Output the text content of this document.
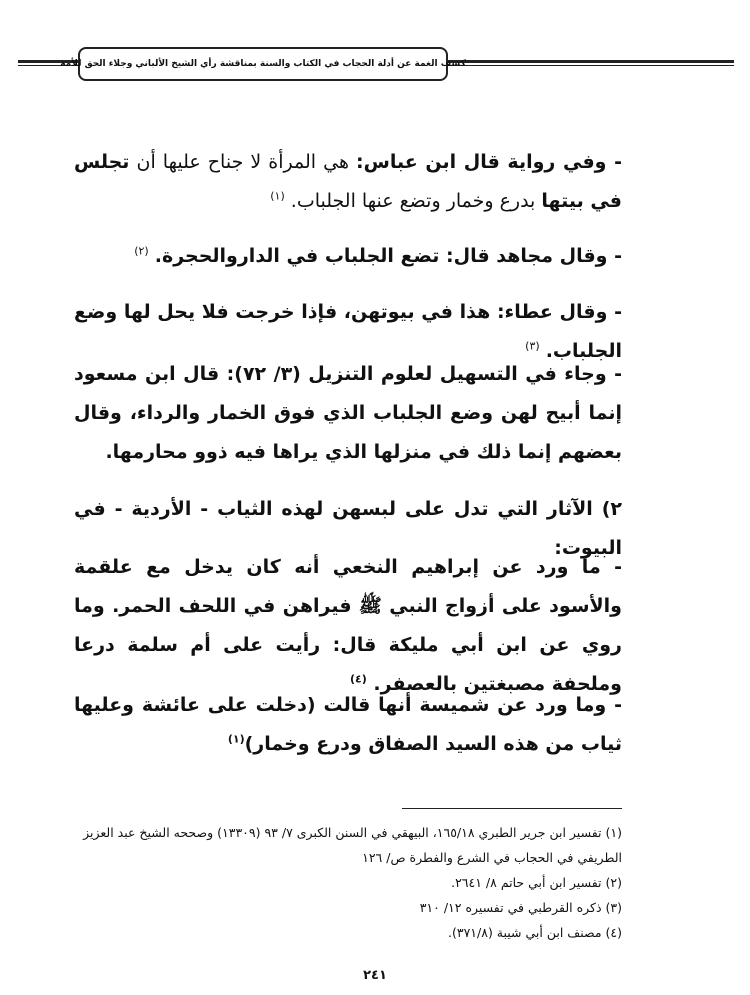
كشف الغمة عن أدلة الحجاب في الكتاب والسنة بمناقشة رأي الشيخ الألباني وجلاء الحق للأمة
- وفي رواية قال ابن عباس: هي المرأة لا جناح عليها أن تجلس في بيتها بدرع وخمار وتضع عنها الجلباب. $^{(١)}$
- وقال مجاهد قال: تضع الجلباب في الداروالحجرة. $^{(٢)}$
- وقال عطاء: هذا في بيوتهن، فإذا خرجت فلا يحل لها وضع الجلباب. $^{(٣)}$
- وجاء في التسهيل لعلوم التنزيل (٣/ ٧٢): قال ابن مسعود إنما أبيح لهن وضع الجلباب الذي فوق الخمار والرداء، وقال بعضهم إنما ذلك في منزلها الذي يراها فيه ذوو محارمها.
٢) الآثار التي تدل على لبسهن لهذه الثياب - الأردية - في البيوت:
- ما ورد عن إبراهيم النخعي أنه كان يدخل مع علقمة والأسود على أزواج النبي ﷺ فيراهن في اللحف الحمر. وما روي عن ابن أبي مليكة قال: رأيت على أم سلمة درعا وملحفة مصبغتين بالعصفر. $^{(٤)}$
- وما ورد عن شميسة أنها قالت (دخلت على عائشة وعليها ثياب من هذه السيد الصفاق ودرع وخمار)$^{(١)}$
(١) تفسير ابن جرير الطبري ١٦٥/١٨، البيهقي في السنن الكبرى ٧/ ٩٣ (١٣٣٠٩) وصححه الشيخ عبد العزيز الطريفي في الحجاب في الشرع والفطرة ص/ ١٢٦
(٢) تفسير ابن أبي حاتم ٨/ ٢٦٤١.
(٣) ذكره القرطبي في تفسيره ١٢/ ٣١٠
(٤) مصنف ابن أبي شيبة (٣٧١/٨).
٢٤١
